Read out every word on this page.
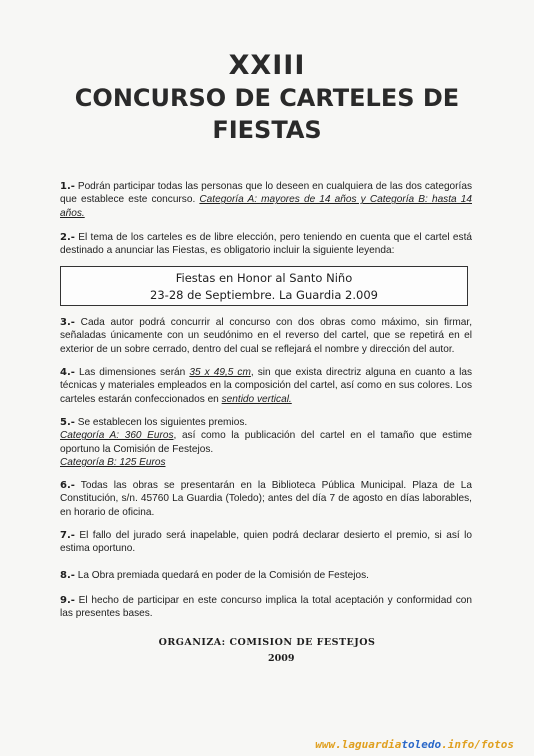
XXIII
CONCURSO DE CARTELES DE
FIESTAS
1.- Podrán participar todas las personas que lo deseen en cualquiera de las dos categorías que establece este concurso. Categoría A: mayores de 14 años y Categoría B: hasta 14 años.
2.- El tema de los carteles es de libre elección, pero teniendo en cuenta que el cartel está destinado a anunciar las Fiestas, es obligatorio incluir la siguiente leyenda:
Fiestas en Honor al Santo Niño
23-28 de Septiembre. La Guardia 2.009
3.- Cada autor podrá concurrir al concurso con dos obras como máximo, sin firmar, señaladas únicamente con un seudónimo en el reverso del cartel, que se repetirá en el exterior de un sobre cerrado, dentro del cual se reflejará el nombre y dirección del autor.
4.- Las dimensiones serán 35 x 49,5 cm, sin que exista directriz alguna en cuanto a las técnicas y materiales empleados en la composición del cartel, así como en sus colores. Los carteles estarán confeccionados en sentido vertical.
5.- Se establecen los siguientes premios.
Categoría A: 360 Euros, así como la publicación del cartel en el tamaño que estime oportuno la Comisión de Festejos.
Categoría B: 125 Euros
6.- Todas las obras se presentarán en la Biblioteca Pública Municipal. Plaza de La Constitución, s/n. 45760 La Guardia (Toledo); antes del día 7 de agosto en días laborables, en horario de oficina.
7.- El fallo del jurado será inapelable, quien podrá declarar desierto el premio, si así lo estima oportuno.
8.- La Obra premiada quedará en poder de la Comisión de Festejos.
9.- El hecho de participar en este concurso implica la total aceptación y conformidad con las presentes bases.
ORGANIZA: COMISION DE FESTEJOS
2009
www.laguardiatoledo.info/fotos
